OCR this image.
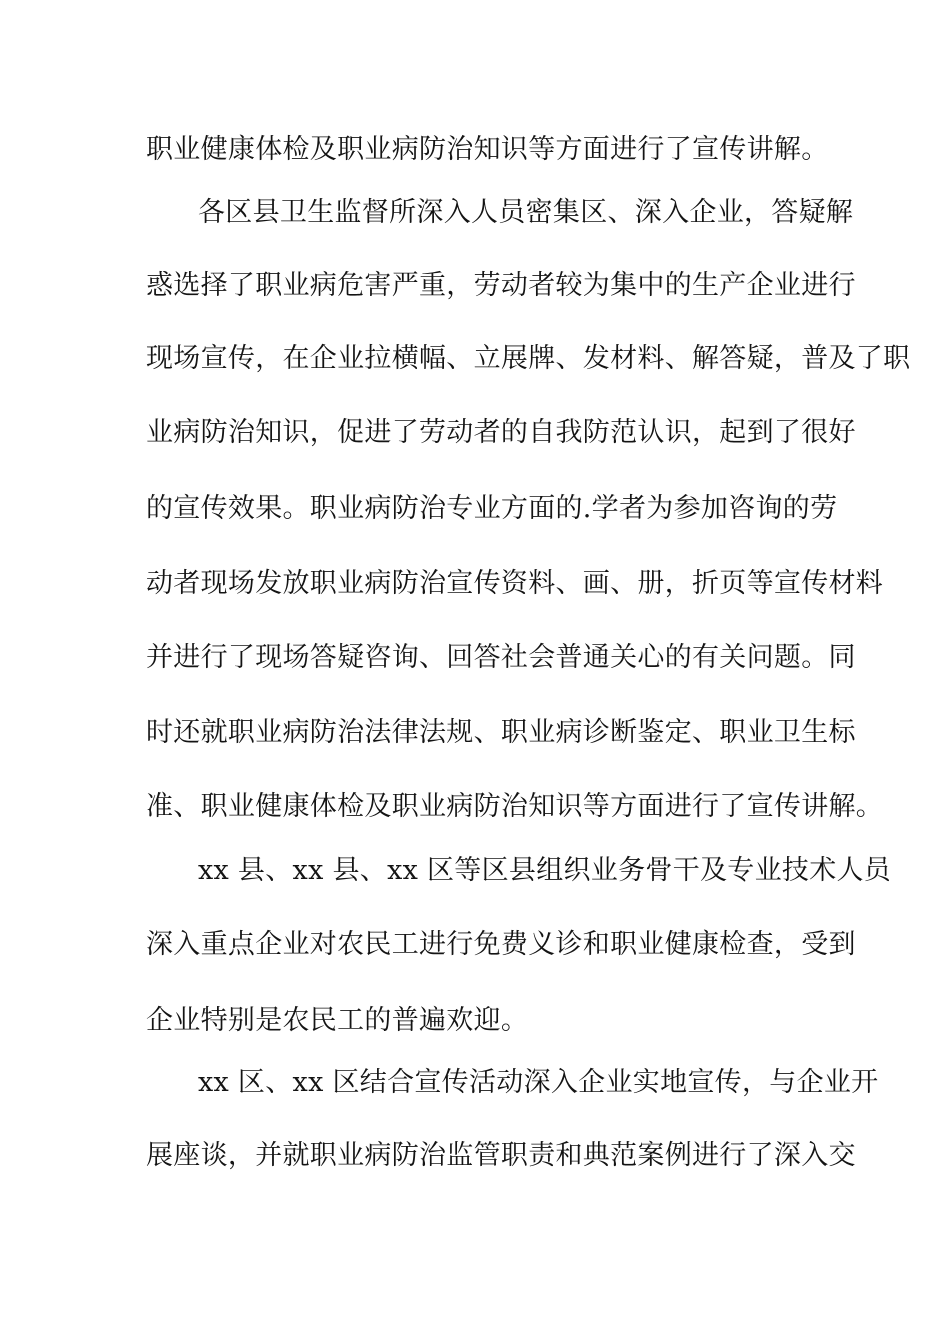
职业健康体检及职业病防治知识等方面进行了宣传讲解。
各区县卫生监督所深入人员密集区、深入企业，答疑解
惑选择了职业病危害严重，劳动者较为集中的生产企业进行
现场宣传，在企业拉横幅、立展牌、发材料、解答疑，普及了职
业病防治知识，促进了劳动者的自我防范认识，起到了很好
的宣传效果。职业病防治专业方面的.学者为参加咨询的劳
动者现场发放职业病防治宣传资料、画、册，折页等宣传材料
并进行了现场答疑咨询、回答社会普通关心的有关问题。同
时还就职业病防治法律法规、职业病诊断鉴定、职业卫生标
准、职业健康体检及职业病防治知识等方面进行了宣传讲解。
xx 县、xx 县、xx 区等区县组织业务骨干及专业技术人员
深入重点企业对农民工进行免费义诊和职业健康检查，受到
企业特别是农民工的普遍欢迎。
xx 区、xx 区结合宣传活动深入企业实地宣传，与企业开
展座谈，并就职业病防治监管职责和典范案例进行了深入交
